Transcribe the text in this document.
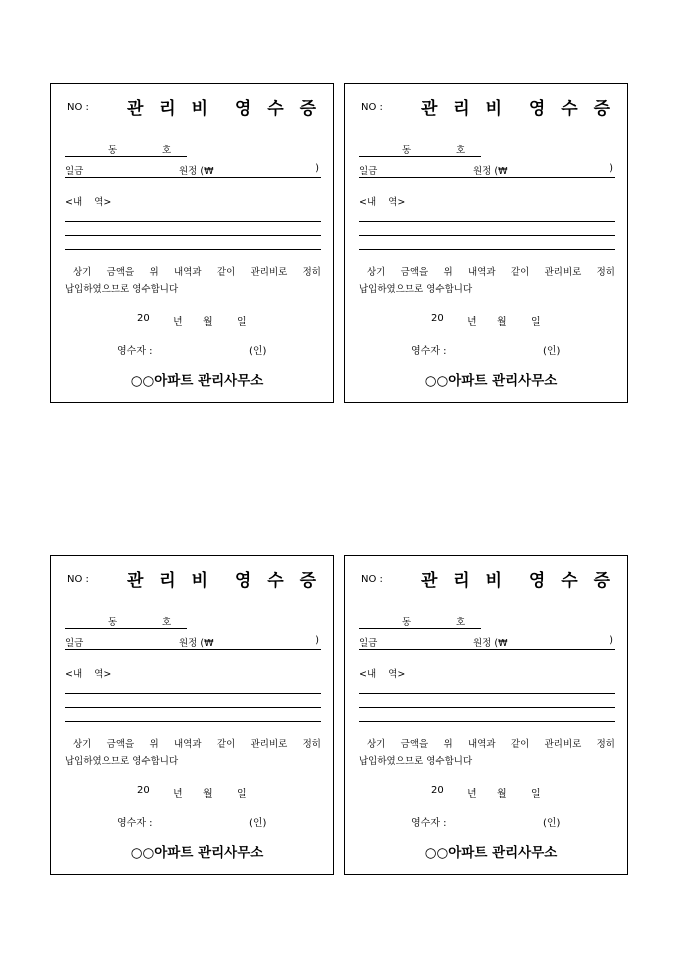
NO : 관 리 비  영 수 증
동	호
일금	원정 (₩	)
<내    역>
상기 금액을 위 내역과 같이 관리비로 정히
납입하였으므로 영수합니다
20 년 월 일
영수자 :	(인)
○○아파트 관리사무소
NO : 관 리 비  영 수 증
동	호
일금	원정 (₩	)
<내    역>
상기 금액을 위 내역과 같이 관리비로 정히
납입하였으므로 영수합니다
20 년 월 일
영수자 :	(인)
○○아파트 관리사무소
NO : 관 리 비  영 수 증
동	호
일금	원정 (₩	)
<내    역>
상기 금액을 위 내역과 같이 관리비로 정히
납입하였으므로 영수합니다
20 년 월 일
영수자 :	(인)
○○아파트 관리사무소
NO : 관 리 비  영 수 증
동	호
일금	원정 (₩	)
<내    역>
상기 금액을 위 내역과 같이 관리비로 정히
납입하였으므로 영수합니다
20 년 월 일
영수자 :	(인)
○○아파트 관리사무소
